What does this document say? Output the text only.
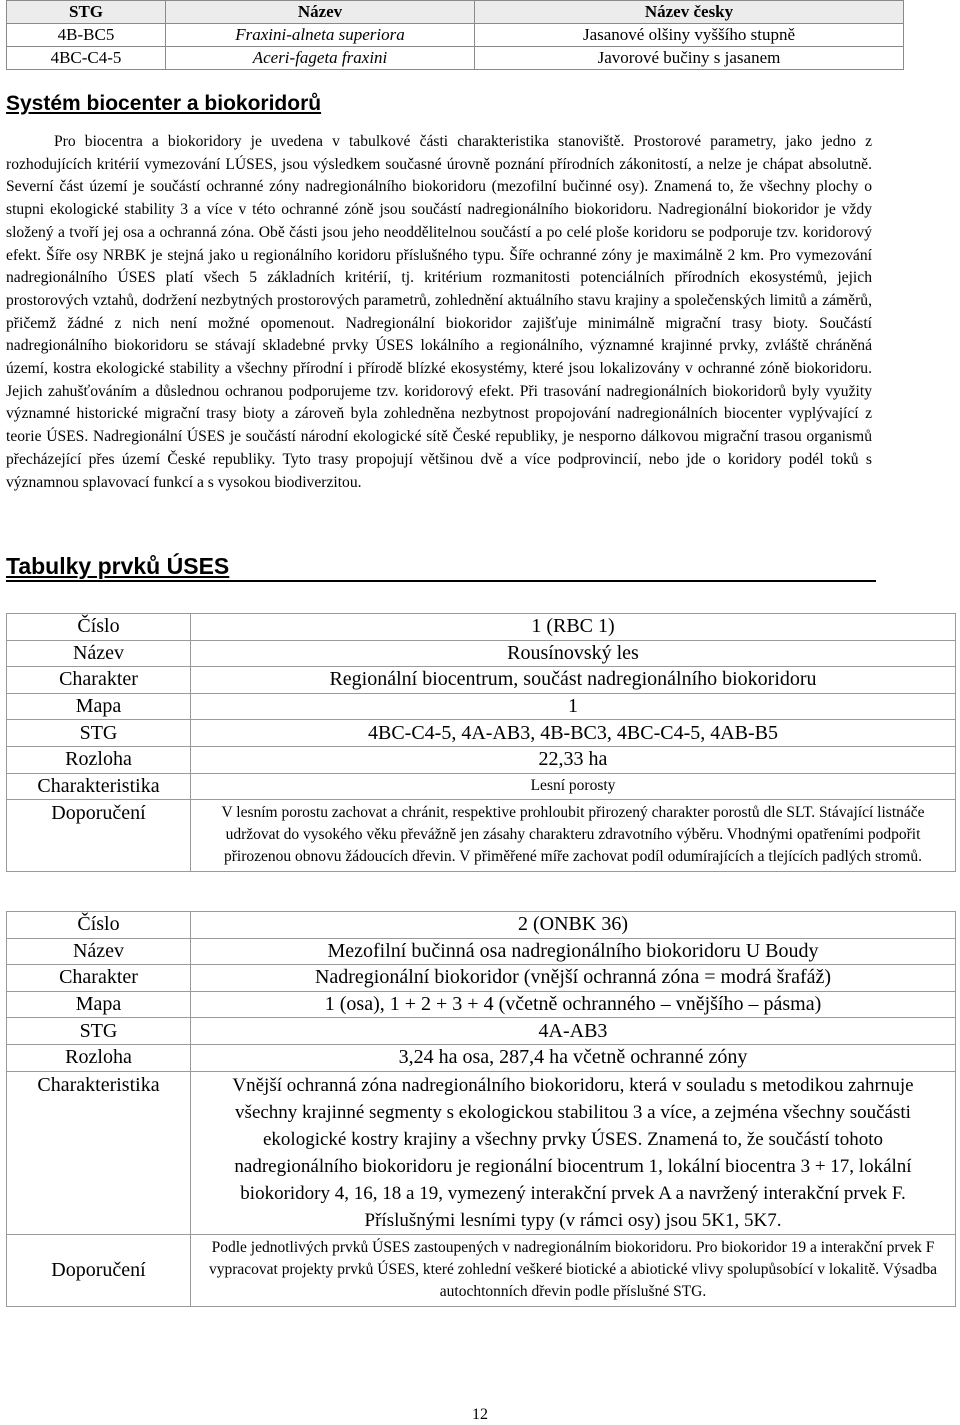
STG	Název	Název česky
4B-BC5	Fraxini-alneta superiora	Jasanové olšiny vyššího stupně
4BC-C4-5	Aceri-fageta fraxini	Javorové bučiny s jasanem
Systém biocenter a biokoridorů

Pro biocentra a biokoridory je uvedena v tabulkové části charakteristika stanoviště. Prostorové parametry, jako jedno z rozhodujících kritérií vymezování LÚSES, jsou výsledkem současné úrovně poznání přírodních zákonitostí, a nelze je chápat absolutně. Severní část území je součástí ochranné zóny nadregionálního biokoridoru (mezofilní bučinné osy). Znamená to, že všechny plochy o stupni ekologické stability 3 a více v této ochranné zóně jsou součástí nadregionálního biokoridoru. Nadregionální biokoridor je vždy složený a tvoří jej osa a ochranná zóna. Obě části jsou jeho neoddělitelnou součástí a po celé ploše koridoru se podporuje tzv. koridorový efekt. Šíře osy NRBK je stejná jako u regionálního koridoru příslušného typu. Šíře ochranné zóny je maximálně 2 km. Pro vymezování nadregionálního ÚSES platí všech 5 základních kritérií, tj. kritérium rozmanitosti potenciálních přírodních ekosystémů, jejich prostorových vztahů, dodržení nezbytných prostorových parametrů, zohlednění aktuálního stavu krajiny a společenských limitů a záměrů, přičemž žádné z nich není možné opomenout. Nadregionální biokoridor zajišťuje minimálně migrační trasy bioty. Součástí nadregionálního biokoridoru se stávají skladebné prvky ÚSES lokálního a regionálního, významné krajinné prvky, zvláště chráněná území, kostra ekologické stability a všechny přírodní i přírodě blízké ekosystémy, které jsou lokalizovány v ochranné zóně biokoridoru. Jejich zahušťováním a důslednou ochranou podporujeme tzv. koridorový efekt. Při trasování nadregionálních biokoridorů byly využity významné historické migrační trasy bioty a zároveň byla zohledněna nezbytnost propojování nadregionálních biocenter vyplývající z teorie ÚSES. Nadregionální ÚSES je součástí národní ekologické sítě České republiky, je nesporno dálkovou migrační trasou organismů přecházející přes území České republiky. Tyto trasy propojují většinou dvě a více podprovincií, nebo jde o koridory podél toků s významnou splavovací funkcí a s vysokou biodiverzitou.

Tabulky prvků ÚSES
Číslo	1 (RBC 1)
Název	Rousínovský les
Charakter	Regionální biocentrum, součást nadregionálního biokoridoru
Mapa	1
STG	4BC-C4-5, 4A-AB3, 4B-BC3, 4BC-C4-5, 4AB-B5
Rozloha	22,33 ha
Charakteristika	Lesní porosty
Doporučení	V lesním porostu zachovat a chránit, respektive prohloubit přirozený charakter porostů dle SLT. Stávající listnáče udržovat do vysokého věku převážně jen zásahy charakteru zdravotního výběru. Vhodnými opatřeními podpořit přirozenou obnovu žádoucích dřevin. V přiměřené míře zachovat podíl odumírajících a tlejících padlých stromů.
Číslo	2 (ONBK 36)
Název	Mezofilní bučinná osa nadregionálního biokoridoru U Boudy
Charakter	Nadregionální biokoridor (vnější ochranná zóna = modrá šrafáž)
Mapa	1 (osa), 1 + 2 + 3 + 4 (včetně ochranného – vnějšího – pásma)
STG	4A-AB3
Rozloha	3,24 ha osa, 287,4 ha včetně ochranné zóny
Charakteristika	Vnější ochranná zóna nadregionálního biokoridoru, která v souladu s metodikou zahrnuje všechny krajinné segmenty s ekologickou stabilitou 3 a více, a zejména všechny součásti ekologické kostry krajiny a všechny prvky ÚSES. Znamená to, že součástí tohoto nadregionálního biokoridoru je regionální biocentrum 1, lokální biocentra 3 + 17, lokální biokoridory 4, 16, 18 a 19, vymezený interakční prvek A a navržený interakční prvek F. Příslušnými lesními typy (v rámci osy) jsou 5K1, 5K7.
Doporučení	Podle jednotlivých prvků ÚSES zastoupených v nadregionálním biokoridoru. Pro biokoridor 19 a interakční prvek F vypracovat projekty prvků ÚSES, které zohlední veškeré biotické a abiotické vlivy spolupůsobící v lokalitě. Výsadba autochtonních dřevin podle příslušné STG.
12
